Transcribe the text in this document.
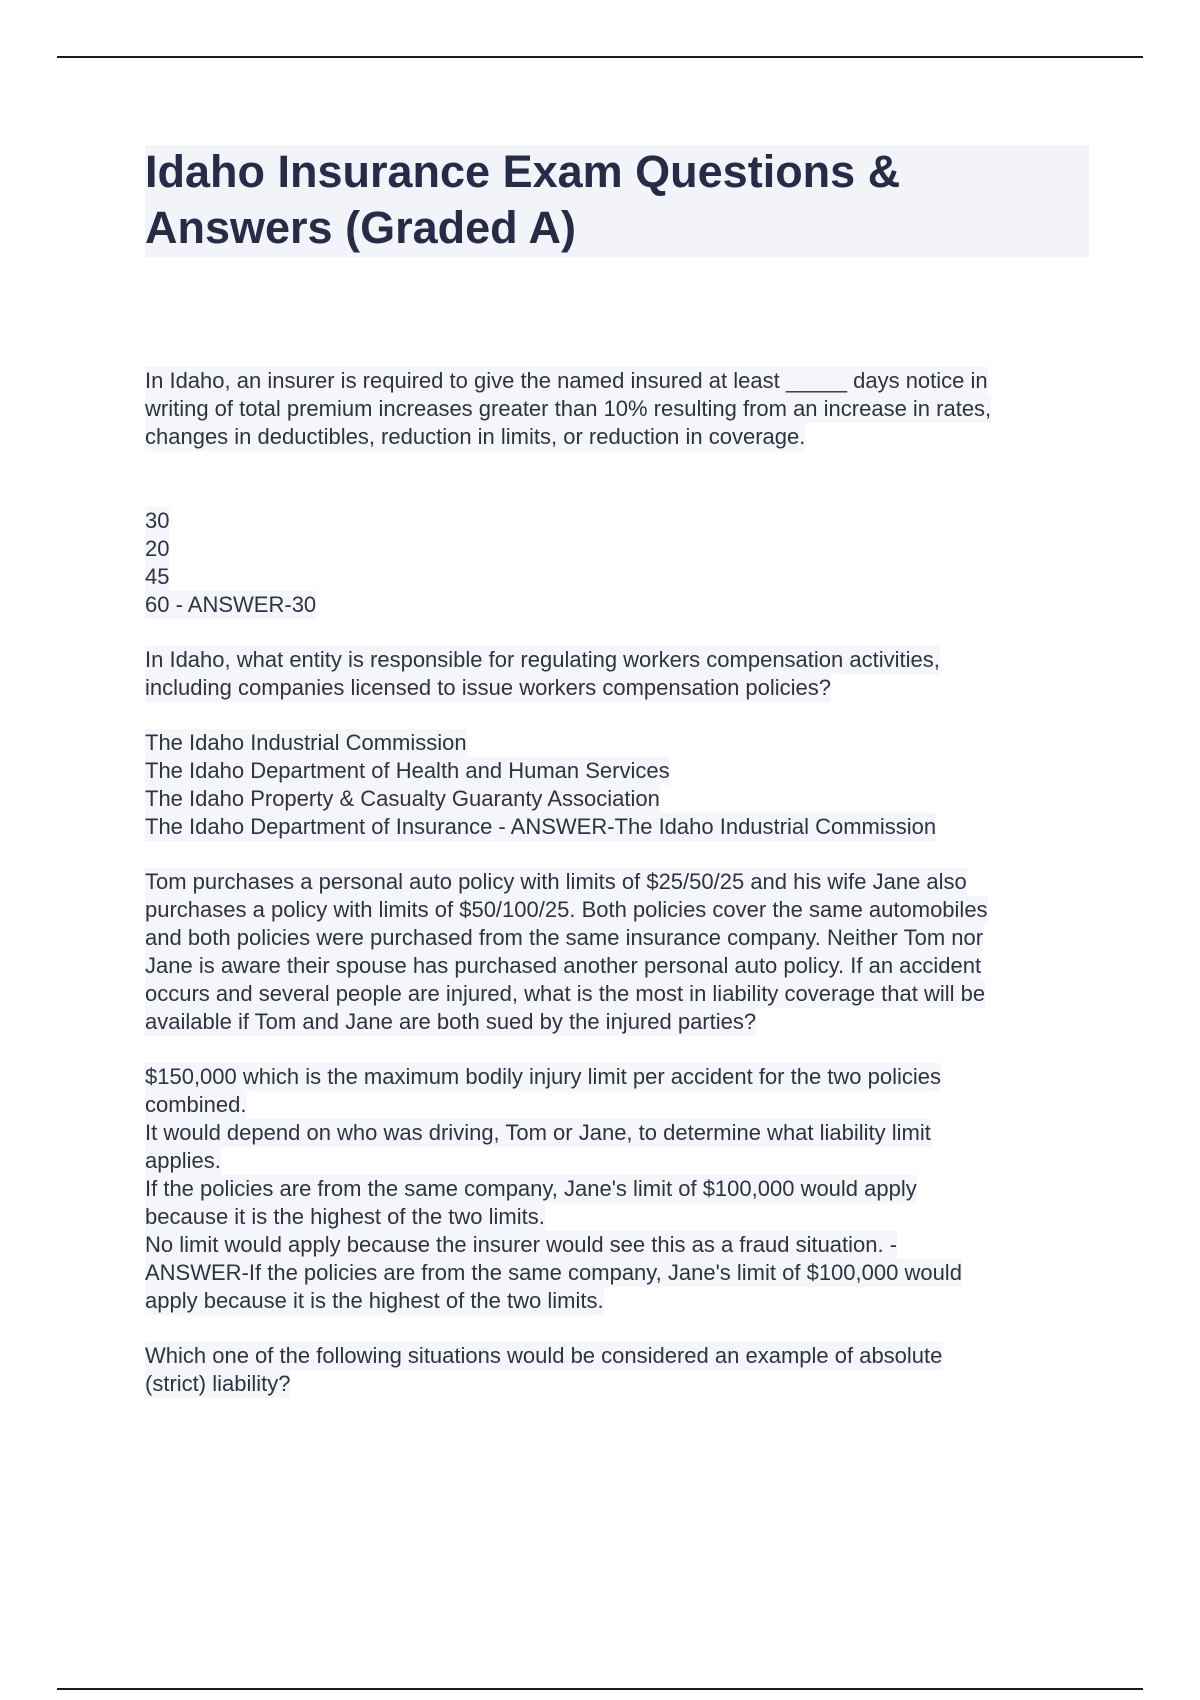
Idaho Insurance Exam Questions &
Answers (Graded A)
In Idaho, an insurer is required to give the named insured at least _____ days notice in
writing of total premium increases greater than 10% resulting from an increase in rates,
changes in deductibles, reduction in limits, or reduction in coverage.
30
20
45
60 - ANSWER-30
In Idaho, what entity is responsible for regulating workers compensation activities,
including companies licensed to issue workers compensation policies?
The Idaho Industrial Commission
The Idaho Department of Health and Human Services
The Idaho Property & Casualty Guaranty Association
The Idaho Department of Insurance - ANSWER-The Idaho Industrial Commission
Tom purchases a personal auto policy with limits of $25/50/25 and his wife Jane also
purchases a policy with limits of $50/100/25. Both policies cover the same automobiles
and both policies were purchased from the same insurance company. Neither Tom nor
Jane is aware their spouse has purchased another personal auto policy. If an accident
occurs and several people are injured, what is the most in liability coverage that will be
available if Tom and Jane are both sued by the injured parties?
$150,000 which is the maximum bodily injury limit per accident for the two policies
combined.
It would depend on who was driving, Tom or Jane, to determine what liability limit
applies.
If the policies are from the same company, Jane's limit of $100,000 would apply
because it is the highest of the two limits.
No limit would apply because the insurer would see this as a fraud situation. -
ANSWER-If the policies are from the same company, Jane's limit of $100,000 would
apply because it is the highest of the two limits.
Which one of the following situations would be considered an example of absolute
(strict) liability?
